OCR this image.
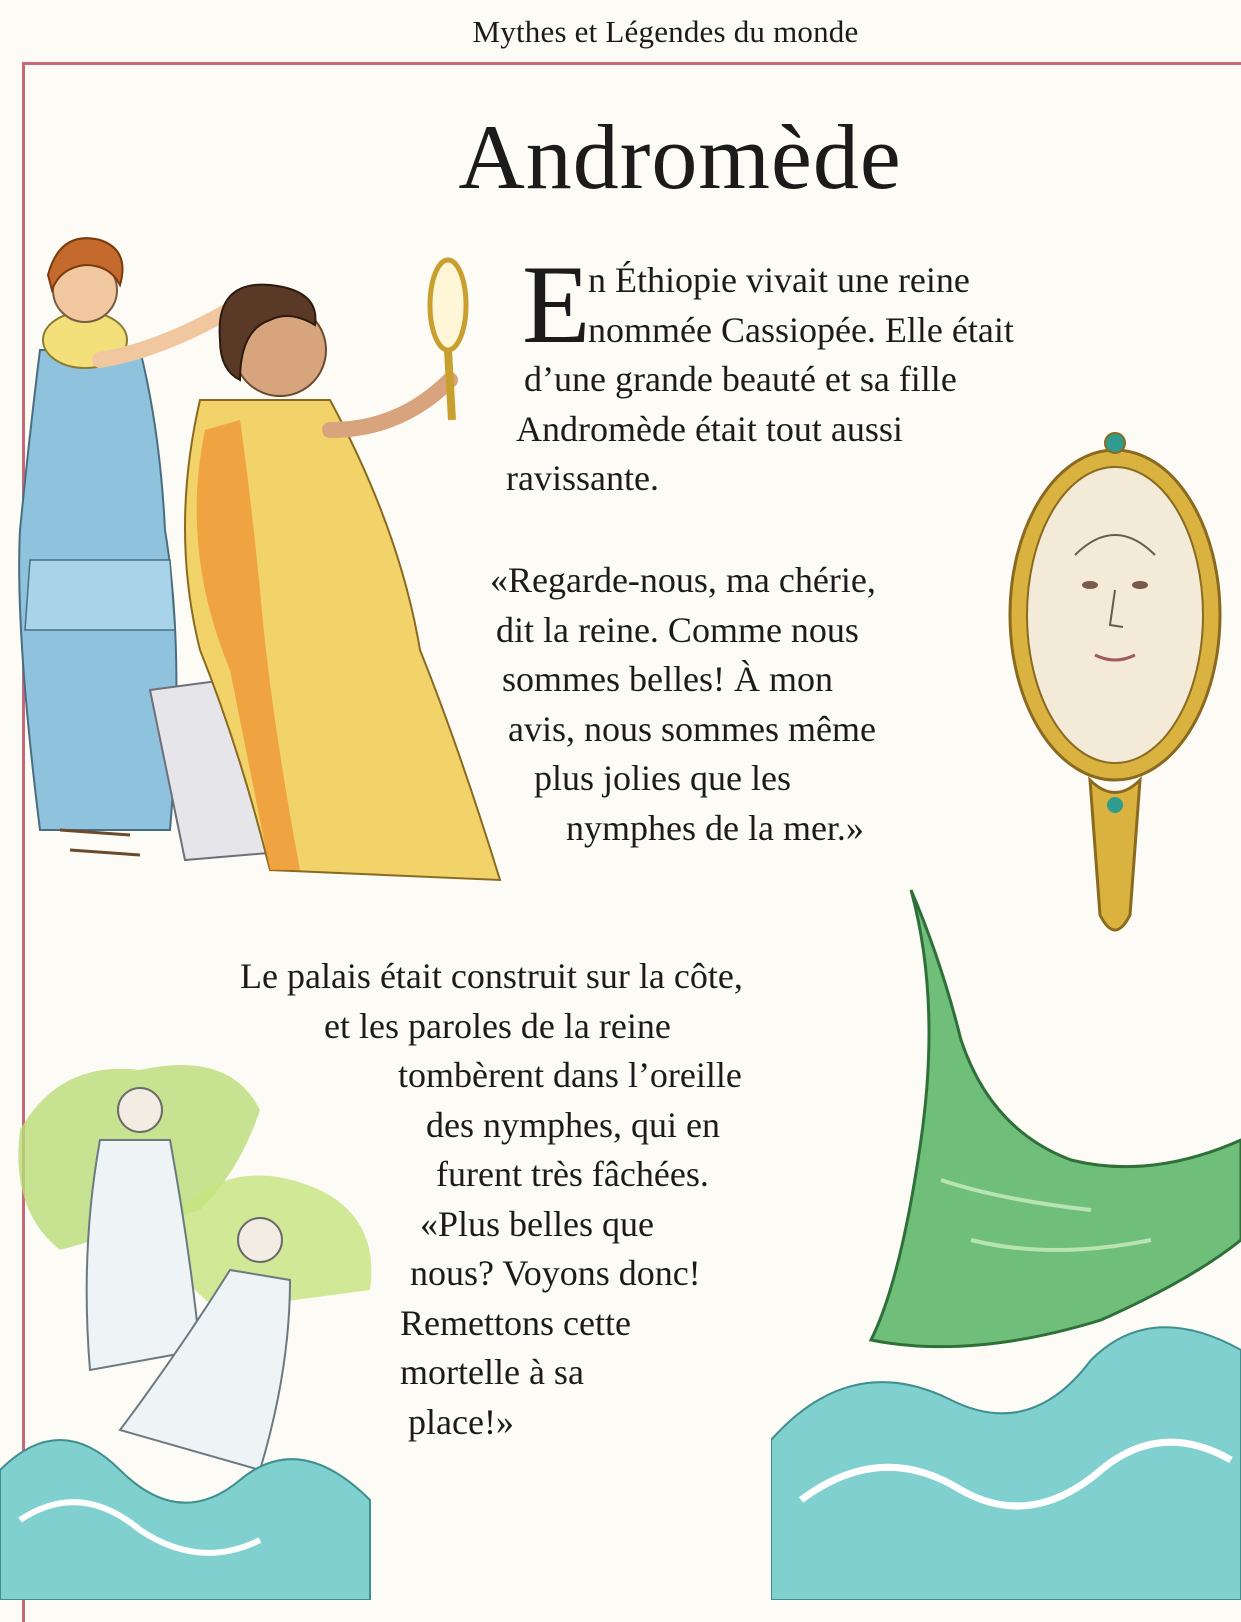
Mythes et Légendes du monde
Andromède
E
n Éthiopie vivait une reine
nommée Cassiopée. Elle était
d’une grande beauté et sa fille
Andromède était tout aussi
ravissante.
«Regarde-nous, ma chérie,
dit la reine. Comme nous
sommes belles! À mon
avis, nous sommes même
plus jolies que les
nymphes de la mer.»
Le palais était construit sur la côte,
et les paroles de la reine
tombèrent dans l’oreille
des nymphes, qui en
furent très fâchées.
«Plus belles que
nous? Voyons donc!
Remettons cette
mortelle à sa
place!»
